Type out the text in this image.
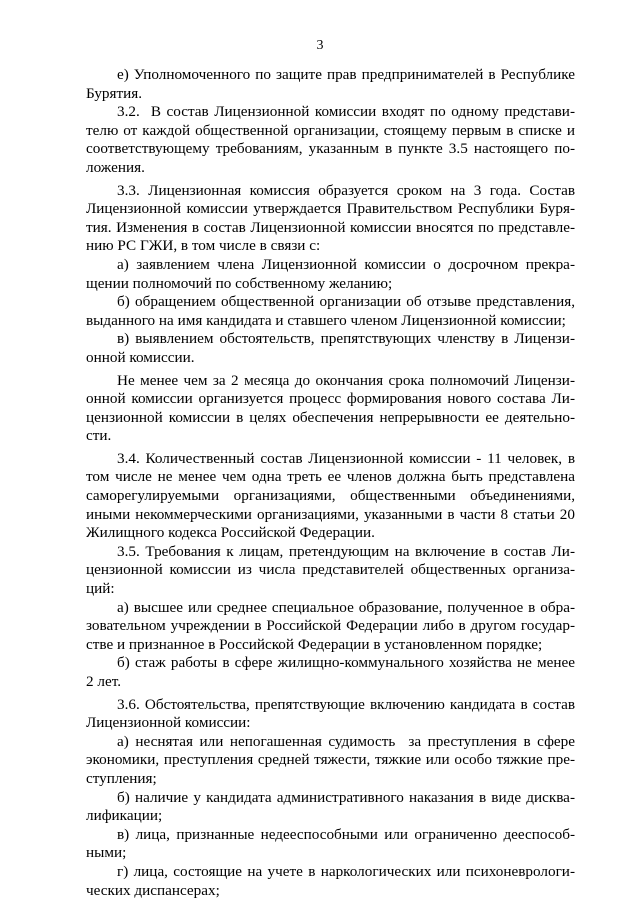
3

е) Уполномоченного по защите прав предпринимателей в Республике Бурятия.

3.2.  В состав Лицензионной комиссии входят по одному представителю от каждой общественной организации, стоящему первым в списке и соответствующему требованиям, указанным в пункте 3.5 настоящего положения.

3.3. Лицензионная комиссия образуется сроком на 3 года. Состав Лицензионной комиссии утверждается Правительством Республики Бурятия. Изменения в состав Лицензионной комиссии вносятся по представлению РС ГЖИ, в том числе в связи с:

а) заявлением члена Лицензионной комиссии о досрочном прекращении полномочий по собственному желанию;

б) обращением общественной организации об отзыве представления, выданного на имя кандидата и ставшего членом Лицензионной комиссии;

в) выявлением обстоятельств, препятствующих членству в Лицензионной комиссии.

Не менее чем за 2 месяца до окончания срока полномочий Лицензионной комиссии организуется процесс формирования нового состава Лицензионной комиссии в целях обеспечения непрерывности ее деятельности.

3.4. Количественный состав Лицензионной комиссии - 11 человек, в том числе не менее чем одна треть ее членов должна быть представлена саморегулируемыми организациями, общественными объединениями, иными некоммерческими организациями, указанными в части 8 статьи 20 Жилищного кодекса Российской Федерации.

3.5. Требования к лицам, претендующим на включение в состав Лицензионной комиссии из числа представителей общественных организаций:

а) высшее или среднее специальное образование, полученное в образовательном учреждении в Российской Федерации либо в другом государстве и признанное в Российской Федерации в установленном порядке;

б) стаж работы в сфере жилищно-коммунального хозяйства не менее 2 лет.

3.6. Обстоятельства, препятствующие включению кандидата в состав Лицензионной комиссии:

а) неснятая или непогашенная судимость  за преступления в сфере экономики, преступления средней тяжести, тяжкие или особо тяжкие преступления;

б) наличие у кандидата административного наказания в виде дисквалификации;

в) лица, признанные недееспособными или ограниченно дееспособными;

г) лица, состоящие на учете в наркологических или психоневрологических диспансерах;
